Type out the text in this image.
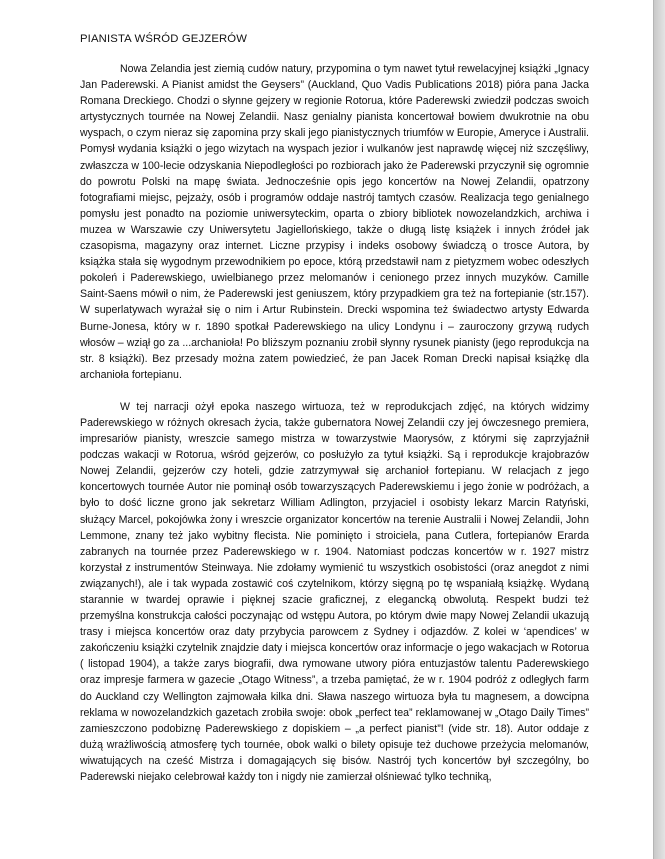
PIANISTA WŚRÓD GEJZERÓW

Nowa Zelandia jest ziemią cudów natury, przypomina o tym nawet tytuł rewelacyjnej książki „Ignacy Jan Paderewski. A Pianist amidst the Geysers” (Auckland, Quo Vadis Publications 2018) pióra pana Jacka Romana Dreckiego. Chodzi o słynne gejzery w regionie Rotorua, które Paderewski zwiedził podczas swoich artystycznych tournée na Nowej Zelandii. Nasz genialny pianista koncertował bowiem dwukrotnie na obu wyspach, o czym nieraz się zapomina przy skali jego pianistycznych triumfów w Europie, Ameryce i Australii. Pomysł wydania książki o jego wizytach na wyspach jezior i wulkanów jest naprawdę więcej niż szczęśliwy, zwłaszcza w 100-lecie odzyskania Niepodległości po rozbiorach jako że Paderewski przyczynił się ogromnie do powrotu Polski na mapę świata. Jednocześnie opis jego koncertów na Nowej Zelandii, opatrzony fotografiami miejsc, pejzaży, osób i programów oddaje nastrój tamtych czasów. Realizacja tego genialnego pomysłu jest ponadto na poziomie uniwersyteckim, oparta o zbiory bibliotek nowozelandzkich, archiwa i muzea w Warszawie czy Uniwersytetu Jagiellońskiego, także o długą listę książek i innych źródeł jak czasopisma, magazyny oraz internet. Liczne przypisy i indeks osobowy świadczą o trosce Autora, by książka stała się wygodnym przewodnikiem po epoce, którą przedstawił nam z pietyzmem wobec odeszłych pokoleń i Paderewskiego, uwielbianego przez melomanów i cenionego przez innych muzyków. Camille Saint-Saens mówił o nim, że Paderewski jest geniuszem, który przypadkiem gra też na fortepianie (str.157). W superlatywach wyrażał się o nim i Artur Rubinstein. Drecki wspomina też świadectwo artysty Edwarda Burne-Jonesa, który w r. 1890 spotkał Paderewskiego na ulicy Londynu i – zauroczony grzywą rudych włosów – wziął go za ...archanioła! Po bliższym poznaniu zrobił słynny rysunek pianisty (jego reprodukcja na str. 8 książki). Bez przesady można zatem powiedzieć, że pan Jacek Roman Drecki napisał książkę dla archanioła fortepianu.

W tej narracji ożył epoka naszego wirtuoza, też w reprodukcjach zdjęć, na których widzimy Paderewskiego w różnych okresach życia, także gubernatora Nowej Zelandii czy jej ówczesnego premiera, impresariów pianisty, wreszcie samego mistrza w towarzystwie Maorysów, z którymi się zaprzyjaźnił podczas wakacji w Rotorua, wśród gejzerów, co posłużyło za tytuł książki. Są i reprodukcje krajobrazów Nowej Zelandii, gejzerów czy hoteli, gdzie zatrzymywał się archanioł fortepianu. W relacjach z jego koncertowych tournée Autor nie pominął osób towarzyszących Paderewskiemu i jego żonie w podróżach, a było to dość liczne grono jak sekretarz William Adlington, przyjaciel i osobisty lekarz Marcin Ratyński, służący Marcel, pokojówka żony i wreszcie organizator koncertów na terenie Australii i Nowej Zelandii, John Lemmone, znany też jako wybitny flecista. Nie pominięto i stroiciela, pana Cutlera, fortepianów Erarda zabranych na tournée przez Paderewskiego w r. 1904. Natomiast podczas koncertów w r. 1927 mistrz korzystał z instrumentów Steinwaya. Nie zdołamy wymienić tu wszystkich osobistości (oraz anegdot z nimi związanych!), ale i tak wypada zostawić coś czytelnikom, którzy sięgną po tę wspaniałą książkę. Wydaną starannie w twardej oprawie i pięknej szacie graficznej, z elegancką obwolutą. Respekt budzi też przemyślna konstrukcja całości poczynając od wstępu Autora, po którym dwie mapy Nowej Zelandii ukazują trasy i miejsca koncertów oraz daty przybycia parowcem z Sydney i odjazdów. Z kolei w ‘apendices’ w zakończeniu książki czytelnik znajdzie daty i miejsca koncertów oraz informacje o jego wakacjach w Rotorua ( listopad 1904), a także zarys biografii, dwa rymowane utwory pióra entuzjastów talentu Paderewskiego oraz impresje farmera w gazecie „Otago Witness”, a trzeba pamiętać, że w r. 1904 podróż z odległych farm do Auckland czy Wellington zajmowała kilka dni. Sława naszego wirtuoza była tu magnesem, a dowcipna reklama w nowozelandzkich gazetach zrobiła swoje: obok „perfect tea” reklamowanej w „Otago Daily Times” zamieszczono podobiznę Paderewskiego z dopiskiem – „a perfect pianist”! (vide str. 18). Autor oddaje z dużą wrażliwością atmosferę tych tournée, obok walki o bilety opisuje też duchowe przeżycia melomanów, wiwatujących na cześć Mistrza i domagających się bisów. Nastrój tych koncertów był szczególny, bo Paderewski niejako celebrował każdy ton i nigdy nie zamierzał olśniewać tylko techniką,
